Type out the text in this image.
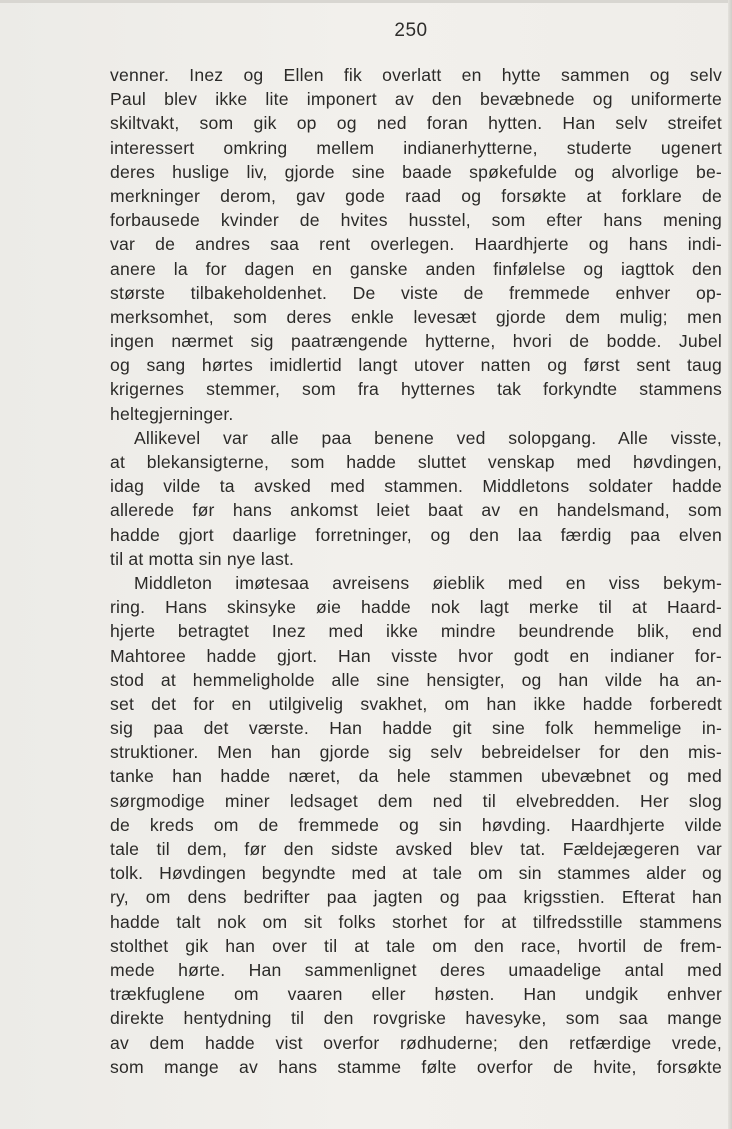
250
venner. Inez og Ellen fik overlatt en hytte sammen og selv
Paul blev ikke lite imponert av den bevæbnede og uniformerte
skiltvakt, som gik op og ned foran hytten. Han selv streifet
interessert omkring mellem indianerhytterne, studerte ugenert
deres huslige liv, gjorde sine baade spøkefulde og alvorlige be-
merkninger derom, gav gode raad og forsøkte at forklare de
forbausede kvinder de hvites husstel, som efter hans mening
var de andres saa rent overlegen. Haardhjerte og hans indi-
anere la for dagen en ganske anden finfølelse og iagttok den
største tilbakeholdenhet. De viste de fremmede enhver op-
merksomhet, som deres enkle levesæt gjorde dem mulig; men
ingen nærmet sig paatrængende hytterne, hvori de bodde. Jubel
og sang hørtes imidlertid langt utover natten og først sent taug
krigernes stemmer, som fra hytternes tak forkyndte stammens
heltegjerninger.
Allikevel var alle paa benene ved solopgang. Alle visste,
at blekansigterne, som hadde sluttet venskap med høvdingen,
idag vilde ta avsked med stammen. Middletons soldater hadde
allerede før hans ankomst leiet baat av en handelsmand, som
hadde gjort daarlige forretninger, og den laa færdig paa elven
til at motta sin nye last.
Middleton imøtesaa avreisens øieblik med en viss bekym-
ring. Hans skinsyke øie hadde nok lagt merke til at Haard-
hjerte betragtet Inez med ikke mindre beundrende blik, end
Mahtoree hadde gjort. Han visste hvor godt en indianer for-
stod at hemmeligholde alle sine hensigter, og han vilde ha an-
set det for en utilgivelig svakhet, om han ikke hadde forberedt
sig paa det værste. Han hadde git sine folk hemmelige in-
struktioner. Men han gjorde sig selv bebreidelser for den mis-
tanke han hadde næret, da hele stammen ubevæbnet og med
sørgmodige miner ledsaget dem ned til elvebredden. Her slog
de kreds om de fremmede og sin høvding. Haardhjerte vilde
tale til dem, før den sidste avsked blev tat. Fældejægeren var
tolk. Høvdingen begyndte med at tale om sin stammes alder og
ry, om dens bedrifter paa jagten og paa krigsstien. Efterat han
hadde talt nok om sit folks storhet for at tilfredsstille stammens
stolthet gik han over til at tale om den race, hvortil de frem-
mede hørte. Han sammenlignet deres umaadelige antal med
trækfuglene om vaaren eller høsten. Han undgik enhver
direkte hentydning til den rovgriske havesyke, som saa mange
av dem hadde vist overfor rødhuderne; den retfærdige vrede,
som mange av hans stamme følte overfor de hvite, forsøkte
